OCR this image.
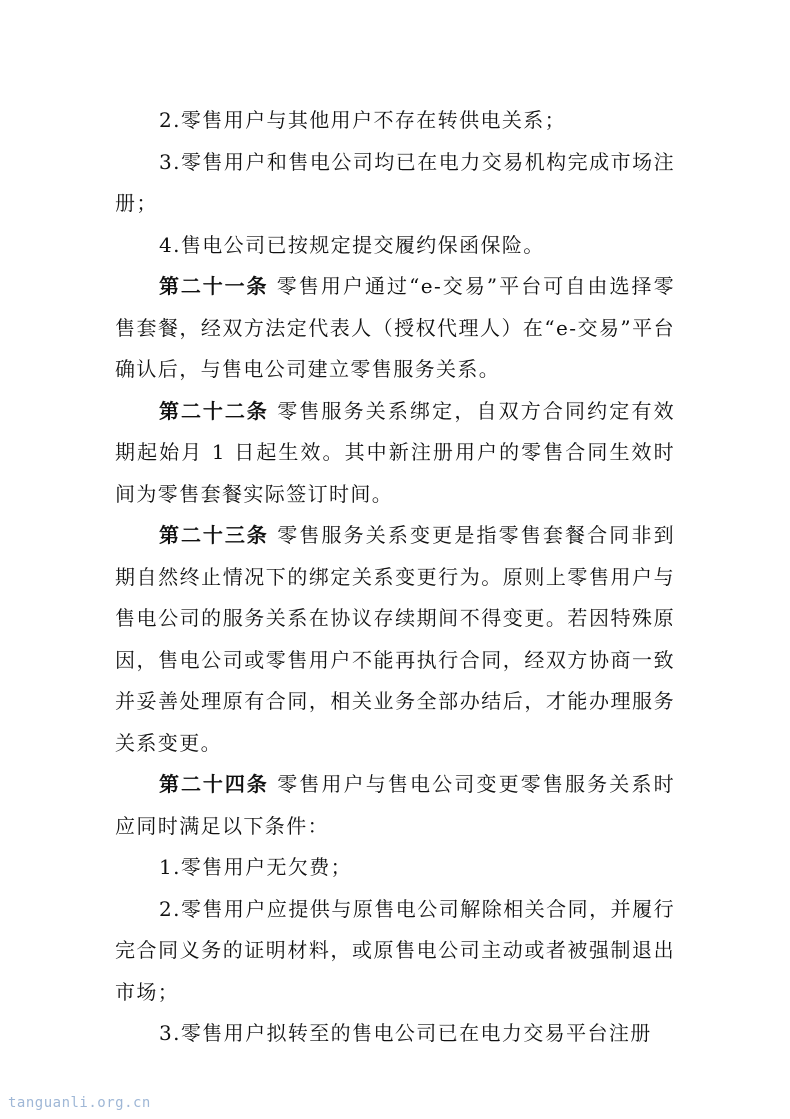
2.零售用户与其他用户不存在转供电关系；

3.零售用户和售电公司均已在电力交易机构完成市场注册；

4.售电公司已按规定提交履约保函保险。

第二十一条 零售用户通过“e-交易”平台可自由选择零售套餐，经双方法定代表人（授权代理人）在“e-交易”平台确认后，与售电公司建立零售服务关系。

第二十二条 零售服务关系绑定，自双方合同约定有效期起始月 1 日起生效。其中新注册用户的零售合同生效时间为零售套餐实际签订时间。

第二十三条 零售服务关系变更是指零售套餐合同非到期自然终止情况下的绑定关系变更行为。原则上零售用户与售电公司的服务关系在协议存续期间不得变更。若因特殊原因，售电公司或零售用户不能再执行合同，经双方协商一致并妥善处理原有合同，相关业务全部办结后，才能办理服务关系变更。

第二十四条 零售用户与售电公司变更零售服务关系时应同时满足以下条件：

1.零售用户无欠费；

2.零售用户应提供与原售电公司解除相关合同，并履行完合同义务的证明材料，或原售电公司主动或者被强制退出市场；

3.零售用户拟转至的售电公司已在电力交易平台注册

tanguanli.org.cn
